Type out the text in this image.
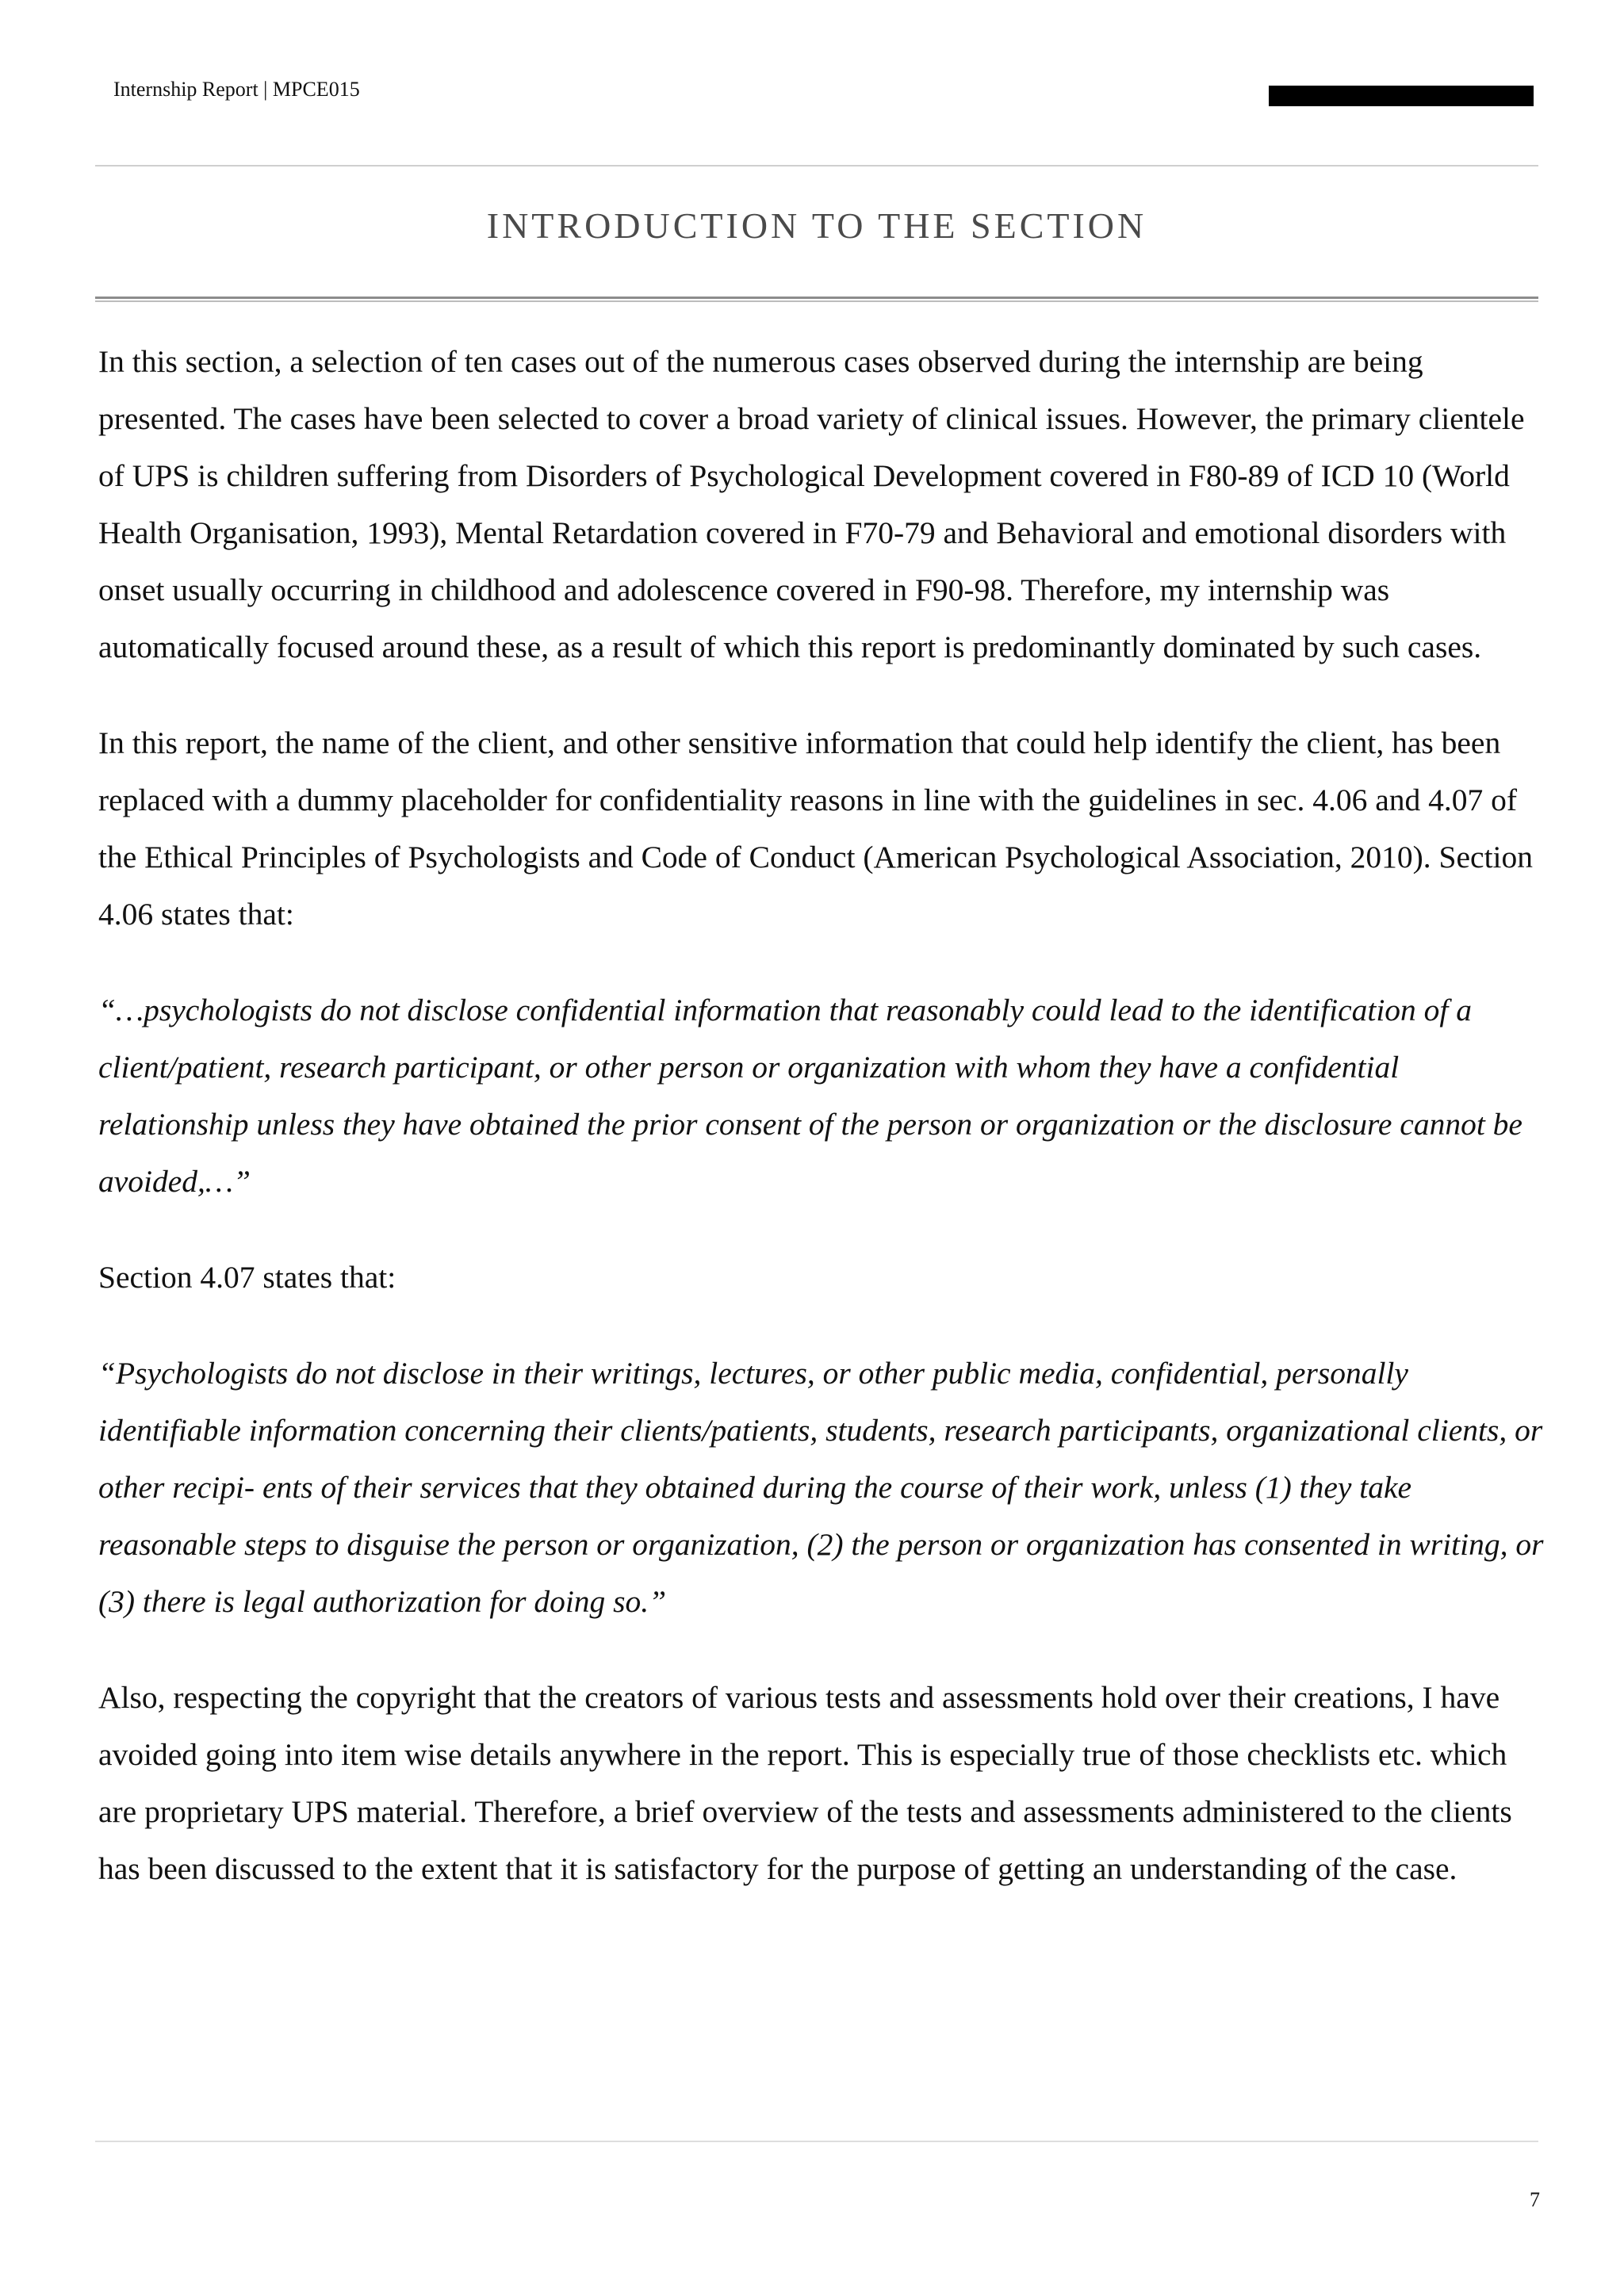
Internship Report | MPCE015
INTRODUCTION TO THE SECTION

In this section, a selection of ten cases out of the numerous cases observed during the internship are being presented. The cases have been selected to cover a broad variety of clinical issues. However, the primary clientele of UPS is children suffering from Disorders of Psychological Development covered in F80-89 of ICD 10 (World Health Organisation, 1993), Mental Retardation covered in F70-79 and Behavioral and emotional disorders with onset usually occurring in childhood and adolescence covered in F90-98. Therefore, my internship was automatically focused around these, as a result of which this report is predominantly dominated by such cases.

In this report, the name of the client, and other sensitive information that could help identify the client, has been replaced with a dummy placeholder for confidentiality reasons in line with the guidelines in sec. 4.06 and 4.07 of the Ethical Principles of Psychologists and Code of Conduct (American Psychological Association, 2010). Section 4.06 states that:

“…psychologists do not disclose confidential information that reasonably could lead to the identification of a client/patient, research participant, or other person or organization with whom they have a confidential relationship unless they have obtained the prior consent of the person or organization or the disclosure cannot be avoided,…”

Section 4.07 states that:

“Psychologists do not disclose in their writings, lectures, or other public media, confidential, personally identifiable information concerning their clients/patients, students, research participants, organizational clients, or other recipi- ents of their services that they obtained during the course of their work, unless (1) they take reasonable steps to disguise the person or organization, (2) the person or organization has consented in writing, or (3) there is legal authorization for doing so.”

Also, respecting the copyright that the creators of various tests and assessments hold over their creations, I have avoided going into item wise details anywhere in the report. This is especially true of those checklists etc. which are proprietary UPS material. Therefore, a brief overview of the tests and assessments administered to the clients has been discussed to the extent that it is satisfactory for the purpose of getting an understanding of the case.

7
